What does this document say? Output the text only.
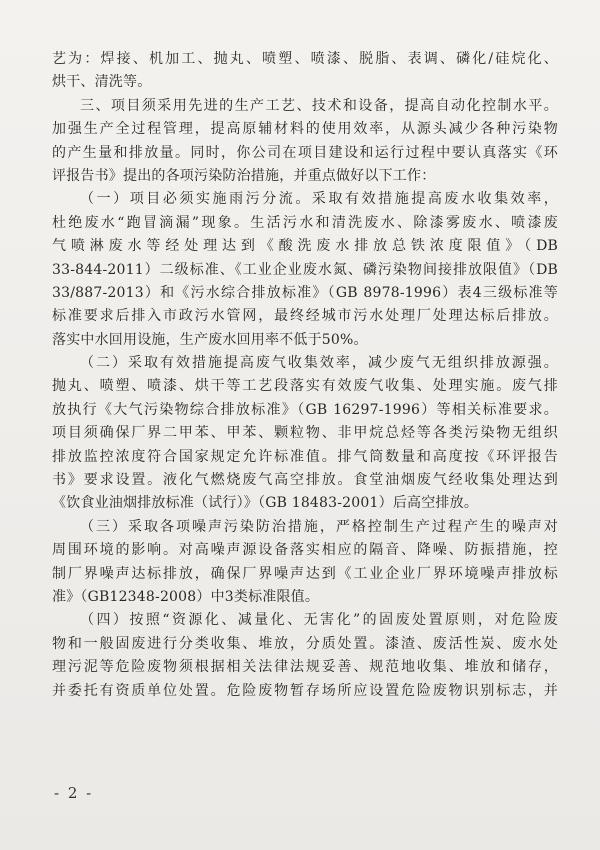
艺为：焊接、机加工、抛丸、喷塑、喷漆、脱脂、表调、磷化/硅烷化、
烘干、清洗等。
三、项目须采用先进的生产工艺、技术和设备，提高自动化控制水平。
加强生产全过程管理，提高原辅材料的使用效率，从源头减少各种污染物
的产生量和排放量。同时，你公司在项目建设和运行过程中要认真落实《环
评报告书》提出的各项污染防治措施，并重点做好以下工作：
（一）项目必须实施雨污分流。采取有效措施提高废水收集效率，
杜绝废水“跑冒滴漏”现象。生活污水和清洗废水、除漆雾废水、喷漆废
气喷淋废水等经处理达到《酸洗废水排放总铁浓度限值》（DB
33-844-2011）二级标准、《工业企业废水氮、磷污染物间接排放限值》（DB
33/887-2013）和《污水综合排放标准》（GB 8978-1996）表4三级标准等
标准要求后排入市政污水管网，最终经城市污水处理厂处理达标后排放。
落实中水回用设施，生产废水回用率不低于50%。
（二）采取有效措施提高废气收集效率，减少废气无组织排放源强。
抛丸、喷塑、喷漆、烘干等工艺段落实有效废气收集、处理实施。废气排
放执行《大气污染物综合排放标准》（GB 16297-1996）等相关标准要求。
项目须确保厂界二甲苯、甲苯、颗粒物、非甲烷总烃等各类污染物无组织
排放监控浓度符合国家规定允许标准值。排气筒数量和高度按《环评报告
书》要求设置。液化气燃烧废气高空排放。食堂油烟废气经收集处理达到
《饮食业油烟排放标准（试行）》（GB 18483-2001）后高空排放。
（三）采取各项噪声污染防治措施，严格控制生产过程产生的噪声对
周围环境的影响。对高噪声源设备落实相应的隔音、降噪、防振措施，控
制厂界噪声达标排放，确保厂界噪声达到《工业企业厂界环境噪声排放标
准》（GB12348-2008）中3类标准限值。
（四）按照“资源化、减量化、无害化”的固废处置原则，对危险废
物和一般固废进行分类收集、堆放，分质处置。漆渣、废活性炭、废水处
理污泥等危险废物须根据相关法律法规妥善、规范地收集、堆放和储存，
并委托有资质单位处置。危险废物暂存场所应设置危险废物识别标志，并
- 2 -
